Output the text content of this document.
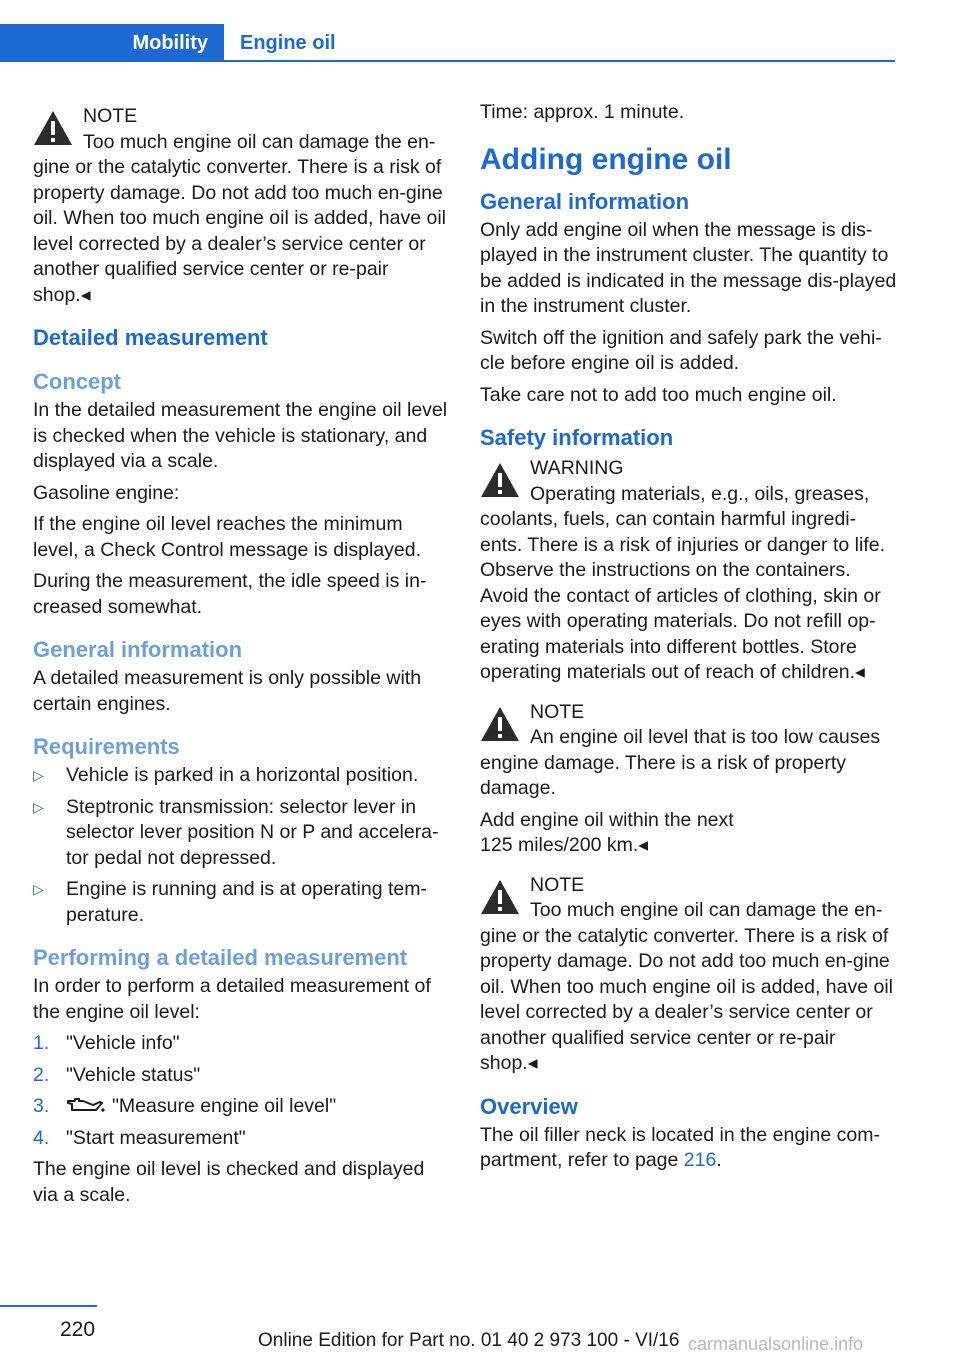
Mobility	Engine oil
NOTE
Too much engine oil can damage the en-
gine or the catalytic converter. There is a risk of property damage. Do not add too much en-gine oil. When too much engine oil is added, have oil level corrected by a dealer’s service center or another qualified service center or re-pair shop.◂
Detailed measurement
Concept

In the detailed measurement the engine oil level is checked when the vehicle is stationary, and displayed via a scale.

Gasoline engine:

If the engine oil level reaches the minimum level, a Check Control message is displayed.

During the measurement, the idle speed is in-creased somewhat.

General information

A detailed measurement is only possible with certain engines.

Requirements
▷ Vehicle is parked in a horizontal position.
▷ Steptronic transmission: selector lever in selector lever position N or P and accelera-tor pedal not depressed.
▷ Engine is running and is at operating tem-perature.
Performing a detailed measurement

In order to perform a detailed measurement of the engine oil level:

1. "Vehicle info"
2. "Vehicle status"
3.	"Measure engine oil level"
4. "Start measurement"

The engine oil level is checked and displayed via a scale.

Time: approx. 1 minute.

Adding engine oil
General information

Only add engine oil when the message is dis-played in the instrument cluster. The quantity to be added is indicated in the message dis-played in the instrument cluster.

Switch off the ignition and safely park the vehi-cle before engine oil is added.

Take care not to add too much engine oil.

Safety information
WARNING
Operating materials, e.g., oils, greases,
coolants, fuels, can contain harmful ingredi-ents. There is a risk of injuries or danger to life. Observe the instructions on the containers. Avoid the contact of articles of clothing, skin or eyes with operating materials. Do not refill op-erating materials into different bottles. Store operating materials out of reach of children.◂
NOTE
An engine oil level that is too low causes
engine damage. There is a risk of property damage.

Add engine oil within the next 125 miles/200 km.◂

NOTE
Too much engine oil can damage the en-
gine or the catalytic converter. There is a risk of property damage. Do not add too much en-gine oil. When too much engine oil is added, have oil level corrected by a dealer’s service center or another qualified service center or re-pair shop.◂
Overview

The oil filler neck is located in the engine com-partment, refer to page 216.

220	Online Edition for Part no. 01 40 2 973 100 - VI/16 carmanualsonline.info
